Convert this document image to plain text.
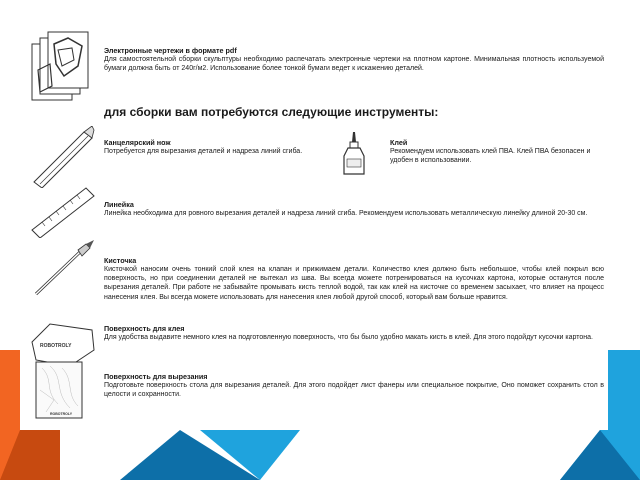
Электронные чертежи в формате pdf

Для самостоятельной сборки скульптуры необходимо распечатать электронные чертежи на плотном картоне. Минимальная плотность используемой бумаги должна быть от 240г/м2. Использование более тонкой бумаги ведет к искажению деталей.

для сборки вам потребуются следующие инструменты:

Канцелярский нож

Потребуется для вырезания деталей и надреза линий сгиба.

Клей

Рекомендуем использовать клей ПВА. Клей ПВА безопасен и удобен в использовании.

Линейка

Линейка необходима для ровного вырезания деталей и надреза линий сгиба. Рекомендуем использовать металлическую линейку длиной 20-30 см.

Кисточка

Кисточкой наносим очень тонкий слой клея на клапан и прижимаем детали. Количество клея должно быть небольшое, чтобы клей покрыл всю поверхность, но при соединении деталей не вытекал из шва. Вы всегда можете потренироваться на кусочках картона, которые останутся после вырезания деталей. При работе не забывайте промывать кисть теплой водой, так как клей на кисточке со временем засыхает, что влияет на процесс нанесения клея. Вы всегда можете использовать для нанесения клея любой другой способ, который вам больше нравится.

ROBOTROLY

Поверхность для клея

Для удобства выдавите немного клея на подготовленную поверхность, что бы было удобно макать кисть в клей. Для этого подойдут кусочки картона.

ROBOTROLY

Поверхность для вырезания

Подготовьте поверхность стола для вырезания деталей. Для этого подойдет лист фанеры или специальное покрытие, Оно поможет сохранить стол в целости и сохранности.
